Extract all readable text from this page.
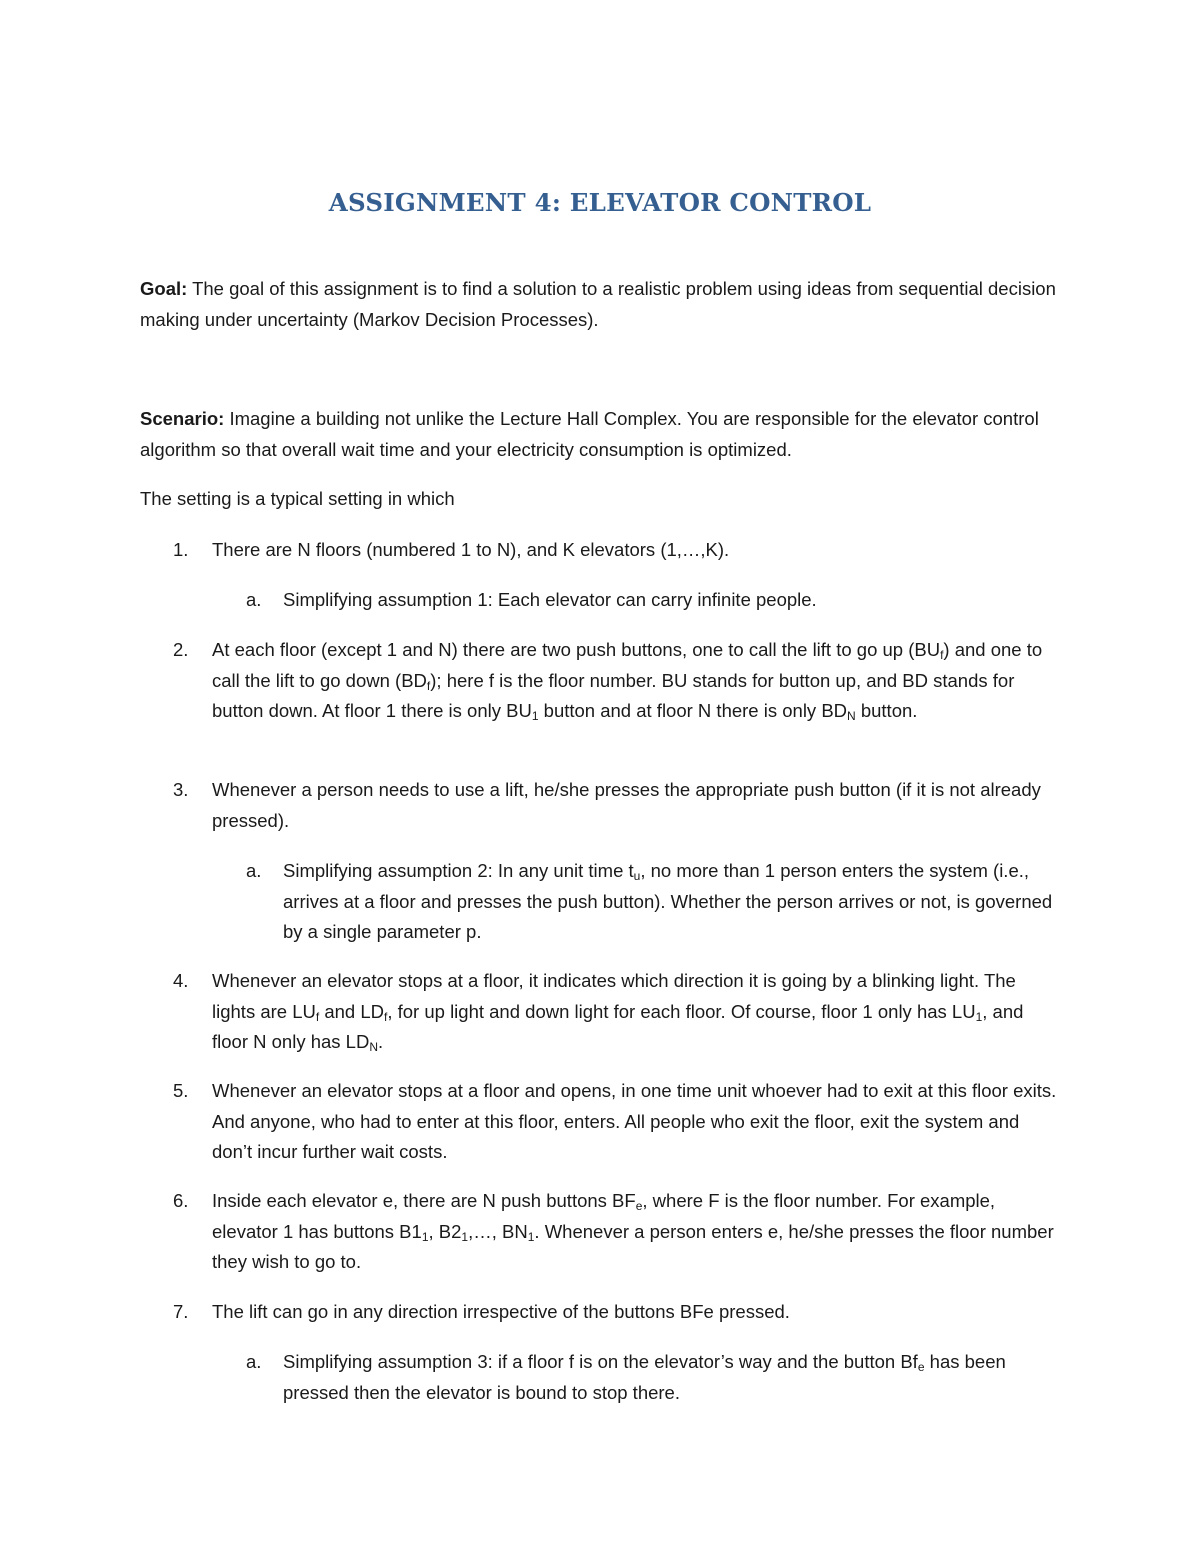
ASSIGNMENT 4: ELEVATOR CONTROL

Goal: The goal of this assignment is to find a solution to a realistic problem using ideas from sequential decision making under uncertainty (Markov Decision Processes).

Scenario: Imagine a building not unlike the Lecture Hall Complex. You are responsible for the elevator control algorithm so that overall wait time and your electricity consumption is optimized.

The setting is a typical setting in which

1. There are N floors (numbered 1 to N), and K elevators (1,…,K).

a. Simplifying assumption 1: Each elevator can carry infinite people.

2. At each floor (except 1 and N) there are two push buttons, one to call the lift to go up $(BU_f)$ and one to call the lift to go down $(BD_f)$; here f is the floor number. BU stands for button up, and BD stands for button down. At floor 1 there is only $BU_1$ button and at floor N there is only $BD_N$ button.

3. Whenever a person needs to use a lift, he/she presses the appropriate push button (if it is not already pressed).

a. Simplifying assumption 2: In any unit time $t_u$, no more than 1 person enters the system (i.e., arrives at a floor and presses the push button). Whether the person arrives or not, is governed by a single parameter p.

4. Whenever an elevator stops at a floor, it indicates which direction it is going by a blinking light. The lights are $LU_f$ and $LD_f$, for up light and down light for each floor. Of course, floor 1 only has $LU_1$, and floor N only has $LD_N$.

5. Whenever an elevator stops at a floor and opens, in one time unit whoever had to exit at this floor exits. And anyone, who had to enter at this floor, enters. All people who exit the floor, exit the system and don’t incur further wait costs.

6. Inside each elevator e, there are N push buttons $BF_e$, where F is the floor number. For example, elevator 1 has buttons $B1_1$, $B2_1,\dots$, $BN_1$. Whenever a person enters e, he/she presses the floor number they wish to go to.

7. The lift can go in any direction irrespective of the buttons BFe pressed.

a. Simplifying assumption 3: if a floor f is on the elevator’s way and the button $Bf_e$ has been pressed then the elevator is bound to stop there.
